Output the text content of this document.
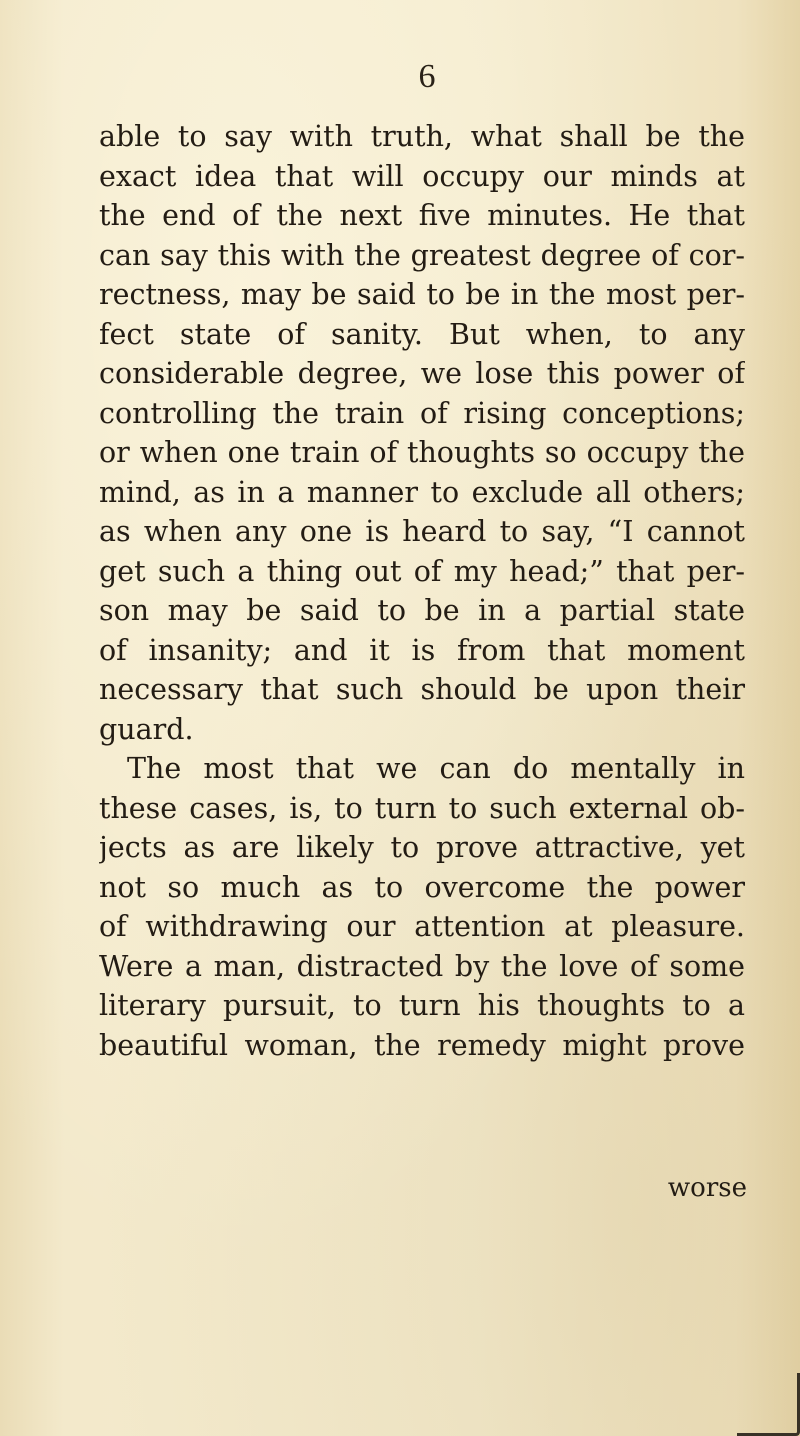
6
able to say with truth, what shall be the
exact idea that will occupy our minds at
the end of the next five minutes. He that
can say this with the greatest degree of cor-
rectness, may be said to be in the most per-
fect state of sanity. But when, to any
considerable degree, we lose this power of
controlling the train of rising conceptions;
or when one train of thoughts so occupy the
mind, as in a manner to exclude all others;
as when any one is heard to say, “I cannot
get such a thing out of my head;” that per-
son may be said to be in a partial state
of insanity; and it is from that moment
necessary that such should be upon their
guard.
The most that we can do mentally in
these cases, is, to turn to such external ob-
jects as are likely to prove attractive, yet
not so much as to overcome the power
of withdrawing our attention at pleasure.
Were a man, distracted by the love of some
literary pursuit, to turn his thoughts to a
beautiful woman, the remedy might prove
worse
